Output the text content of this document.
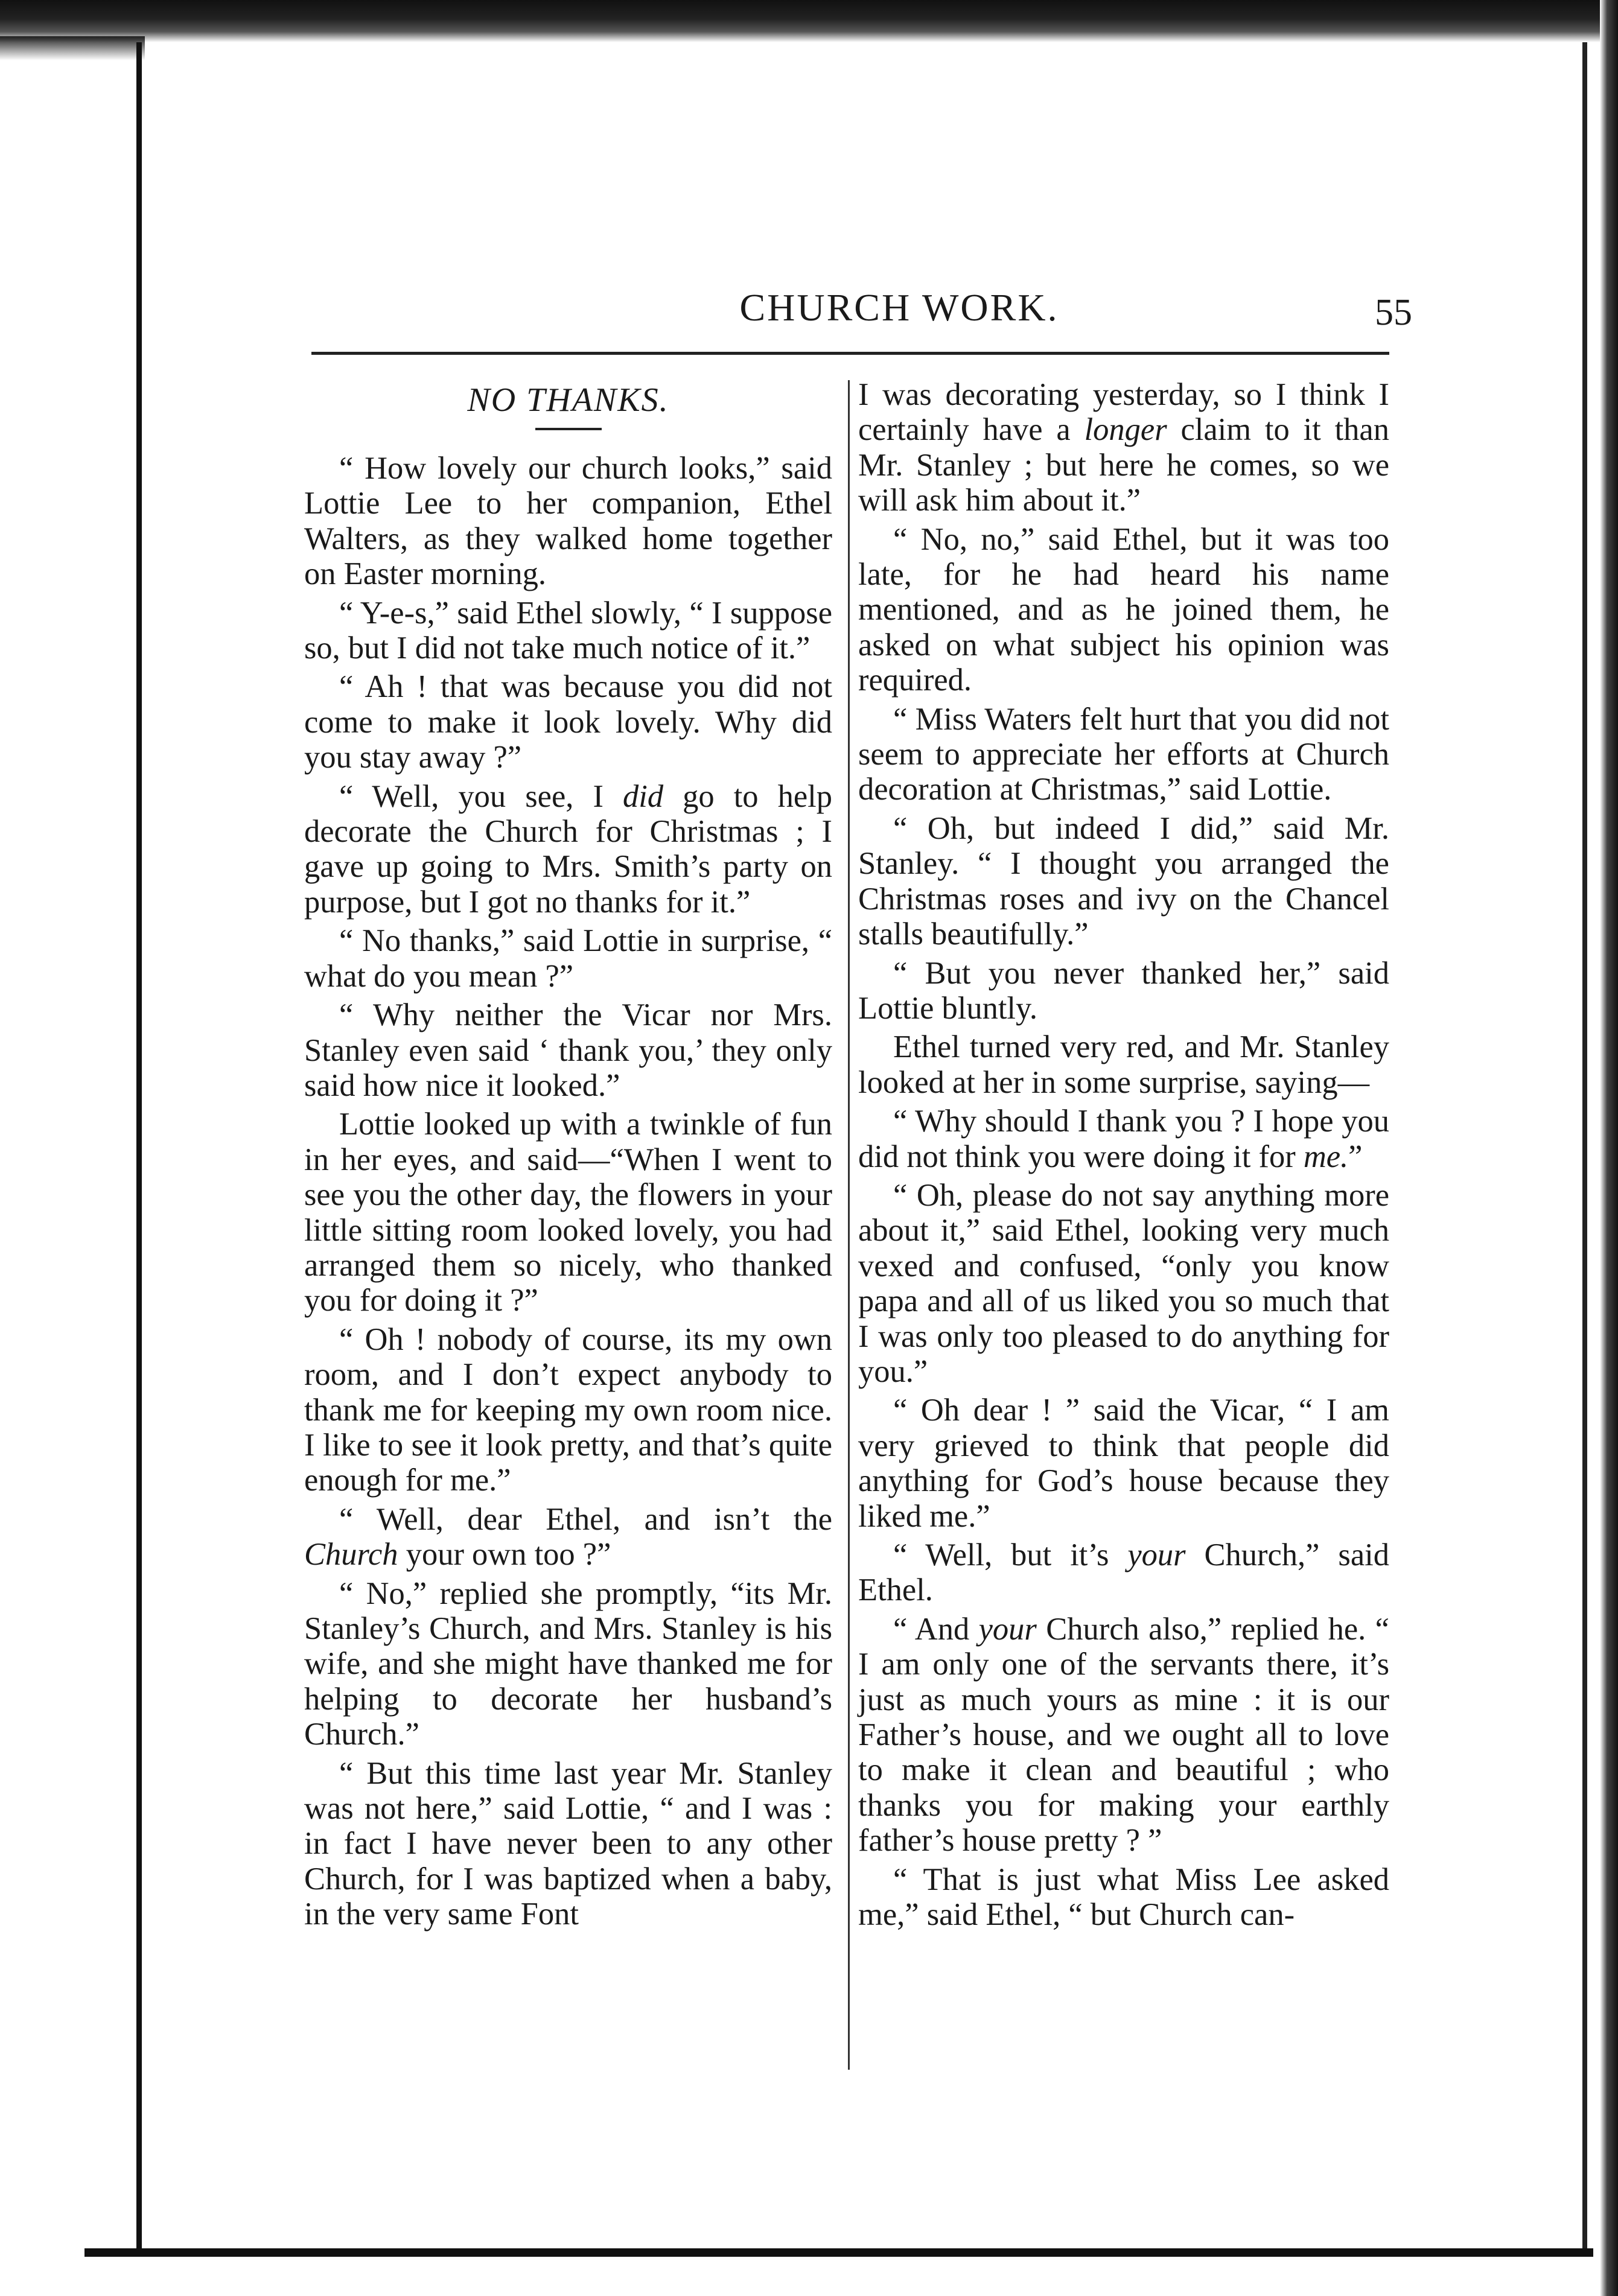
CHURCH WORK.	55
NO THANKS.

“ How lovely our church looks,” said Lottie Lee to her companion, Ethel Walters, as they walked home together on Easter morning.

“ Y-e-s,” said Ethel slowly, “ I suppose so, but I did not take much notice of it.”

“ Ah ! that was because you did not come to make it look lovely. Why did you stay away ?”

“ Well, you see, I did go to help decorate the Church for Christmas ; I gave up going to Mrs. Smith’s party on purpose, but I got no thanks for it.”

“ No thanks,” said Lottie in surprise, “ what do you mean ?”

“ Why neither the Vicar nor Mrs. Stanley even said ‘ thank you,’ they only said how nice it looked.”

Lottie looked up with a twinkle of fun in her eyes, and said—“When I went to see you the other day, the flowers in your little sitting room looked lovely, you had arranged them so nicely, who thanked you for doing it ?”

“ Oh ! nobody of course, its my own room, and I don’t expect anybody to thank me for keeping my own room nice. I like to see it look pretty, and that’s quite enough for me.”

“ Well, dear Ethel, and isn’t the Church your own too ?”

“ No,” replied she promptly, “its Mr. Stanley’s Church, and Mrs. Stanley is his wife, and she might have thanked me for helping to decorate her husband’s Church.”

“ But this time last year Mr. Stanley was not here,” said Lottie, “ and I was : in fact I have never been to any other Church, for I was baptized when a baby, in the very same Font

I was decorating yesterday, so I think I certainly have a longer claim to it than Mr. Stanley ; but here he comes, so we will ask him about it.”

“ No, no,” said Ethel, but it was too late, for he had heard his name mentioned, and as he joined them, he asked on what subject his opinion was required.

“ Miss Waters felt hurt that you did not seem to appreciate her efforts at Church decoration at Christmas,” said Lottie.

“ Oh, but indeed I did,” said Mr. Stanley. “ I thought you arranged the Christmas roses and ivy on the Chancel stalls beautifully.”

“ But you never thanked her,” said Lottie bluntly.

Ethel turned very red, and Mr. Stanley looked at her in some surprise, saying—

“ Why should I thank you ? I hope you did not think you were doing it for me.”

“ Oh, please do not say anything more about it,” said Ethel, looking very much vexed and confused, “only you know papa and all of us liked you so much that I was only too pleased to do anything for you.”

“ Oh dear ! ” said the Vicar, “ I am very grieved to think that people did anything for God’s house because they liked me.”

“ Well, but it’s your Church,” said Ethel.

“ And your Church also,” replied he. “ I am only one of the servants there, it’s just as much yours as mine : it is our Father’s house, and we ought all to love to make it clean and beautiful ; who thanks you for making your earthly father’s house pretty ? ”

“ That is just what Miss Lee asked me,” said Ethel, “ but Church can-
